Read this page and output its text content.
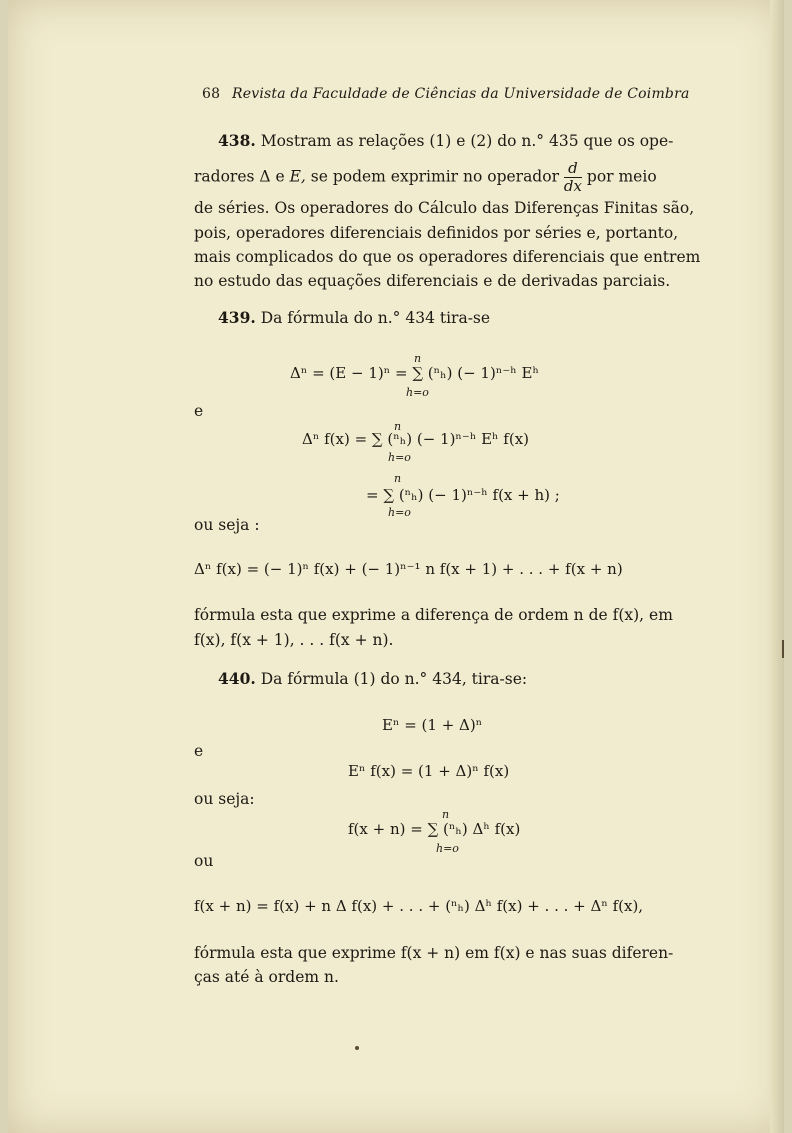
68 Revista da Faculdade de Ciências da Universidade de Coimbra
438. Mostram as relações (1) e (2) do n.° 435 que os ope-
radores Δ e E, se podem exprimir no operador $\frac{d}{dx}$ por meio
de séries. Os operadores do Cálculo das Diferenças Finitas são,
pois, operadores diferenciais definidos por séries e, portanto,
mais complicados do que os operadores diferenciais que entrem
no estudo das equações diferenciais e de derivadas parciais.
439. Da fórmula do n.° 434 tira-se
n
Δⁿ = (E − 1)ⁿ = ∑ (ⁿₕ) (− 1)ⁿ⁻ʰ Eʰ
h=o
e
n
Δⁿ f(x) = ∑ (ⁿₕ) (− 1)ⁿ⁻ʰ Eʰ f(x)
h=o
n
= ∑ (ⁿₕ) (− 1)ⁿ⁻ʰ f(x + h) ;
h=o
ou seja :
Δⁿ f(x) = (− 1)ⁿ f(x) + (− 1)ⁿ⁻¹ n f(x + 1) + . . . + f(x + n)
fórmula esta que exprime a diferença de ordem n de f(x), em
f(x), f(x + 1), . . . f(x + n).
440. Da fórmula (1) do n.° 434, tira-se:
Eⁿ = (1 + Δ)ⁿ
e
Eⁿ f(x) = (1 + Δ)ⁿ f(x)
ou seja:
n
f(x + n) = ∑ (ⁿₕ) Δʰ f(x)
h=o
ou
f(x + n) = f(x) + n Δ f(x) + . . . + (ⁿₕ) Δʰ f(x) + . . . + Δⁿ f(x),
fórmula esta que exprime f(x + n) em f(x) e nas suas diferen-
ças até à ordem n.
